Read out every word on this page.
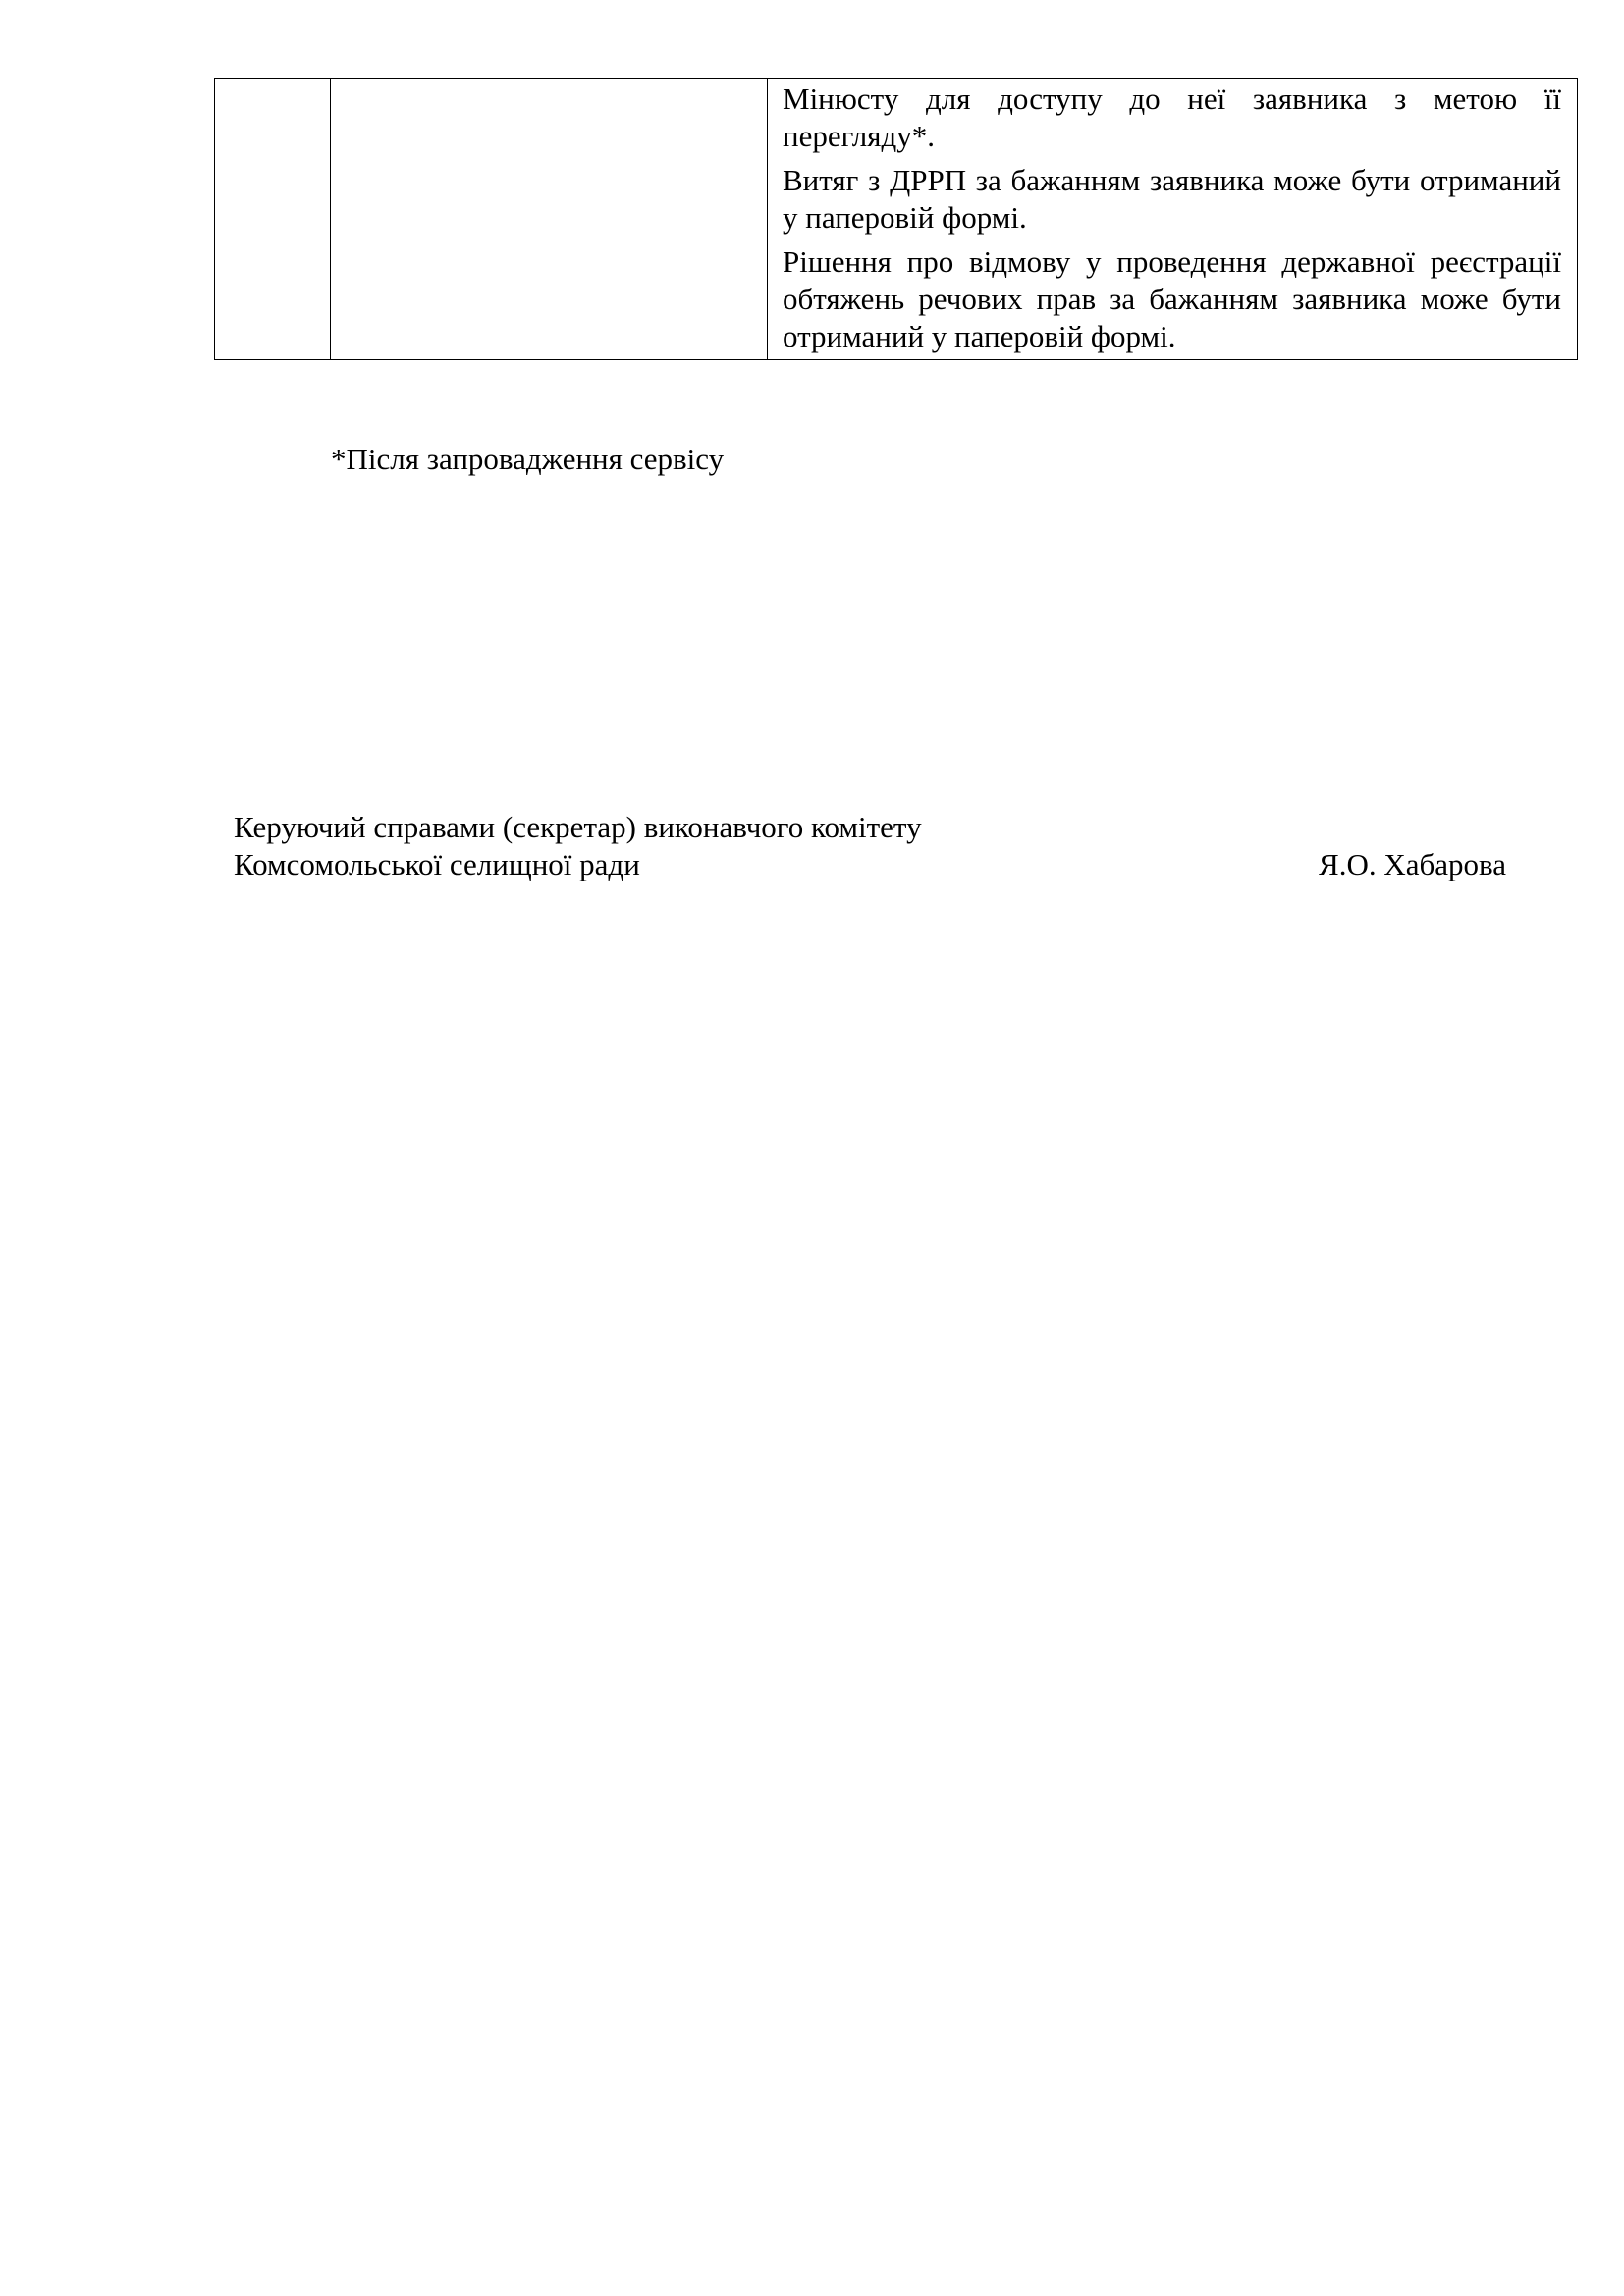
Мінюсту для доступу до неї заявника з метою її перегляду*.

Витяг з ДРРП за бажанням заявника може бути отриманий у паперовій формі.

Рішення про відмову у проведення державної реєстрації обтяжень речових прав за бажанням заявника може бути отриманий у паперовій формі.

*Після запровадження сервісу

Керуючий справами (секретар) виконавчого комітету
Комсомольської селищної ради	Я.О. Хабарова
